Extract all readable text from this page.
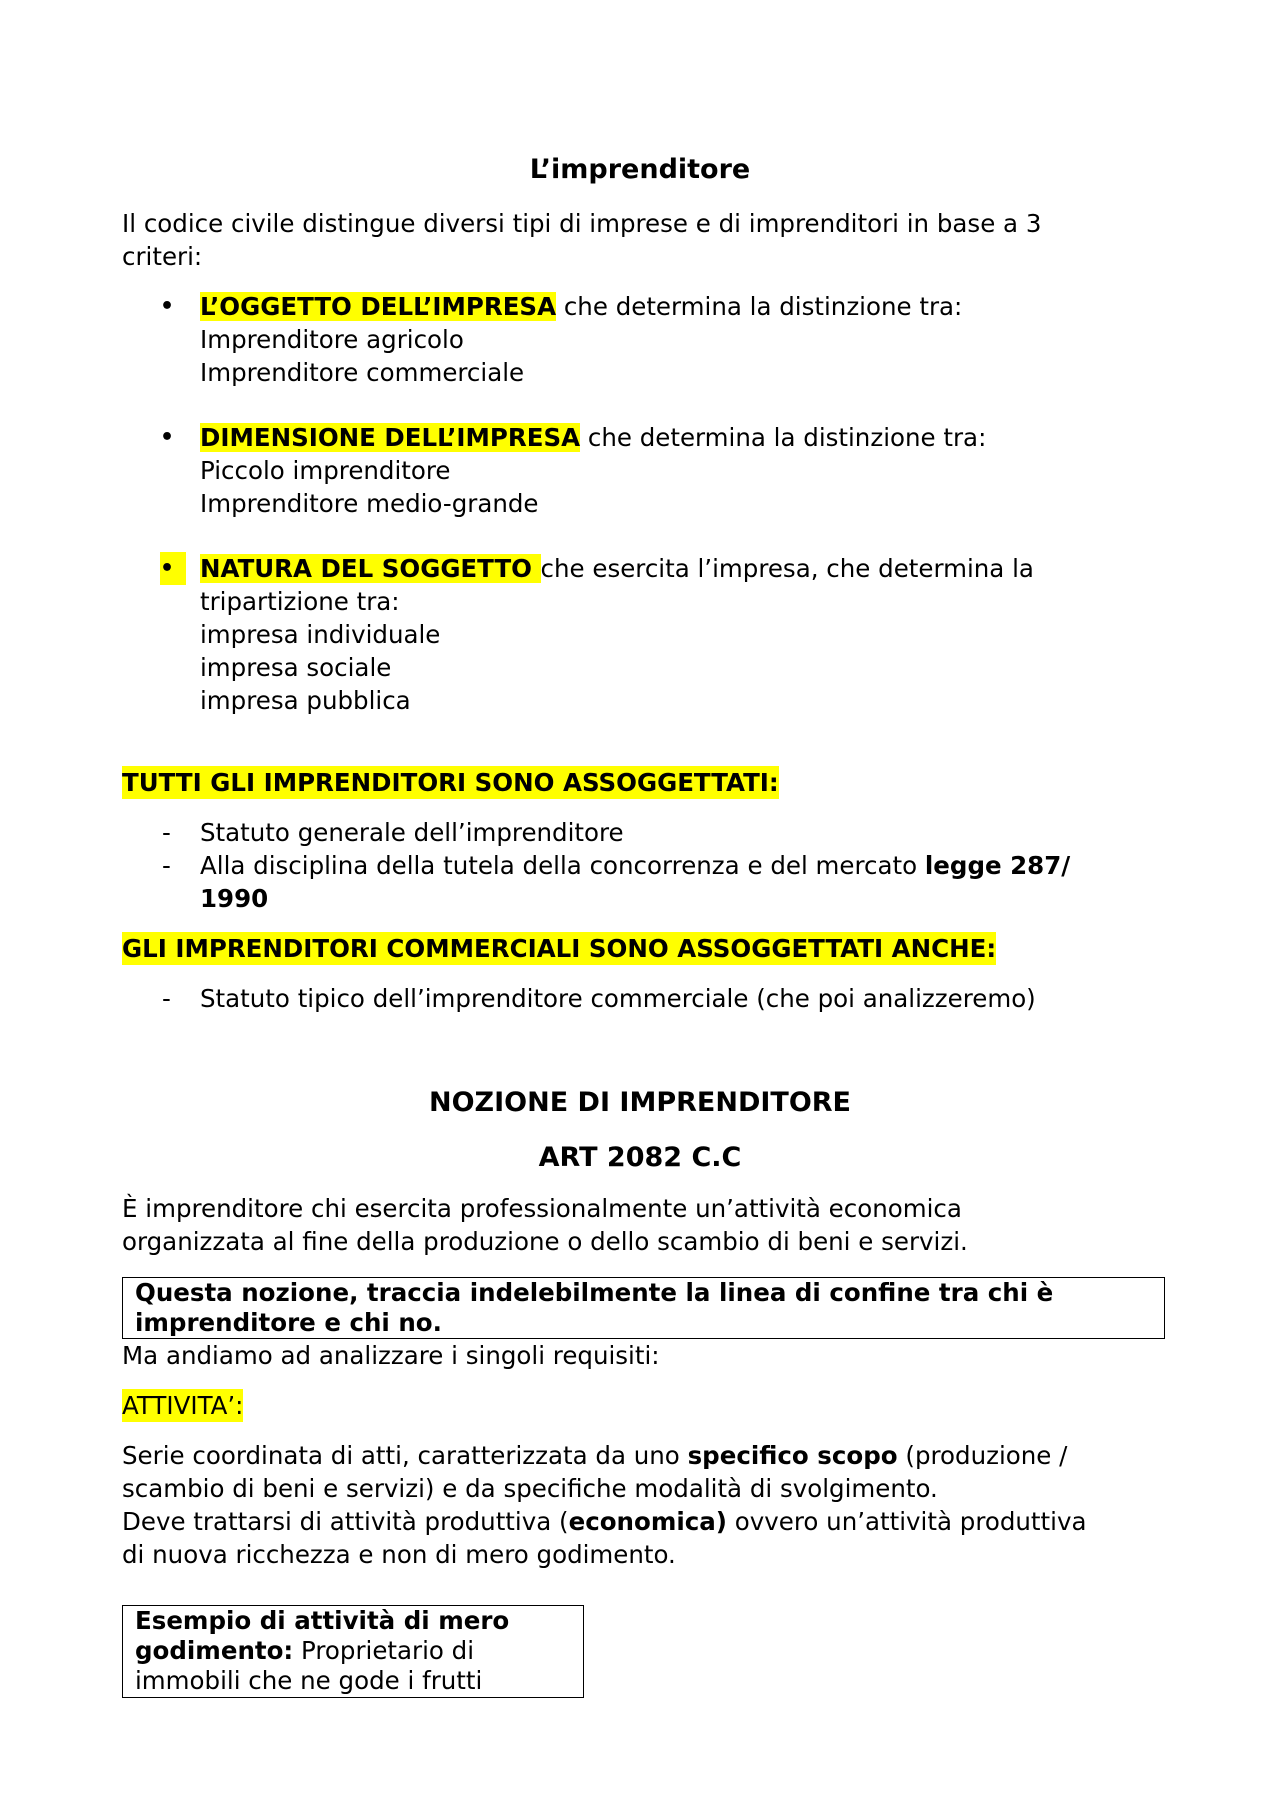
L’imprenditore
Il codice civile distingue diversi tipi di imprese e di imprenditori in base a 3
criteri:
• L’OGGETTO DELL’IMPRESA che determina la distinzione tra:
Imprenditore agricolo
Imprenditore commerciale
• DIMENSIONE DELL’IMPRESA che determina la distinzione tra:
Piccolo imprenditore
Imprenditore medio-grande
•	NATURA DEL SOGGETTO che esercita l’impresa, che determina la
tripartizione tra:
impresa individuale
impresa sociale
impresa pubblica
TUTTI GLI IMPRENDITORI SONO ASSOGGETTATI:
- Statuto generale dell’imprenditore
- Alla disciplina della tutela della concorrenza e del mercato legge 287/
1990
GLI IMPRENDITORI COMMERCIALI SONO ASSOGGETTATI ANCHE:
- Statuto tipico dell’imprenditore commerciale (che poi analizzeremo)
NOZIONE DI IMPRENDITORE
ART 2082 C.C
È imprenditore chi esercita professionalmente un’attività economica
organizzata al fine della produzione o dello scambio di beni e servizi.
Questa nozione, traccia indelebilmente la linea di confine tra chi è
imprenditore e chi no.
Ma andiamo ad analizzare i singoli requisiti:
ATTIVITA’:
Serie coordinata di atti, caratterizzata da uno specifico scopo (produzione /
scambio di beni e servizi) e da specifiche modalità di svolgimento.
Deve trattarsi di attività produttiva (economica) ovvero un’attività produttiva
di nuova ricchezza e non di mero godimento.
Esempio di attività di mero
godimento: Proprietario di
immobili che ne gode i frutti
